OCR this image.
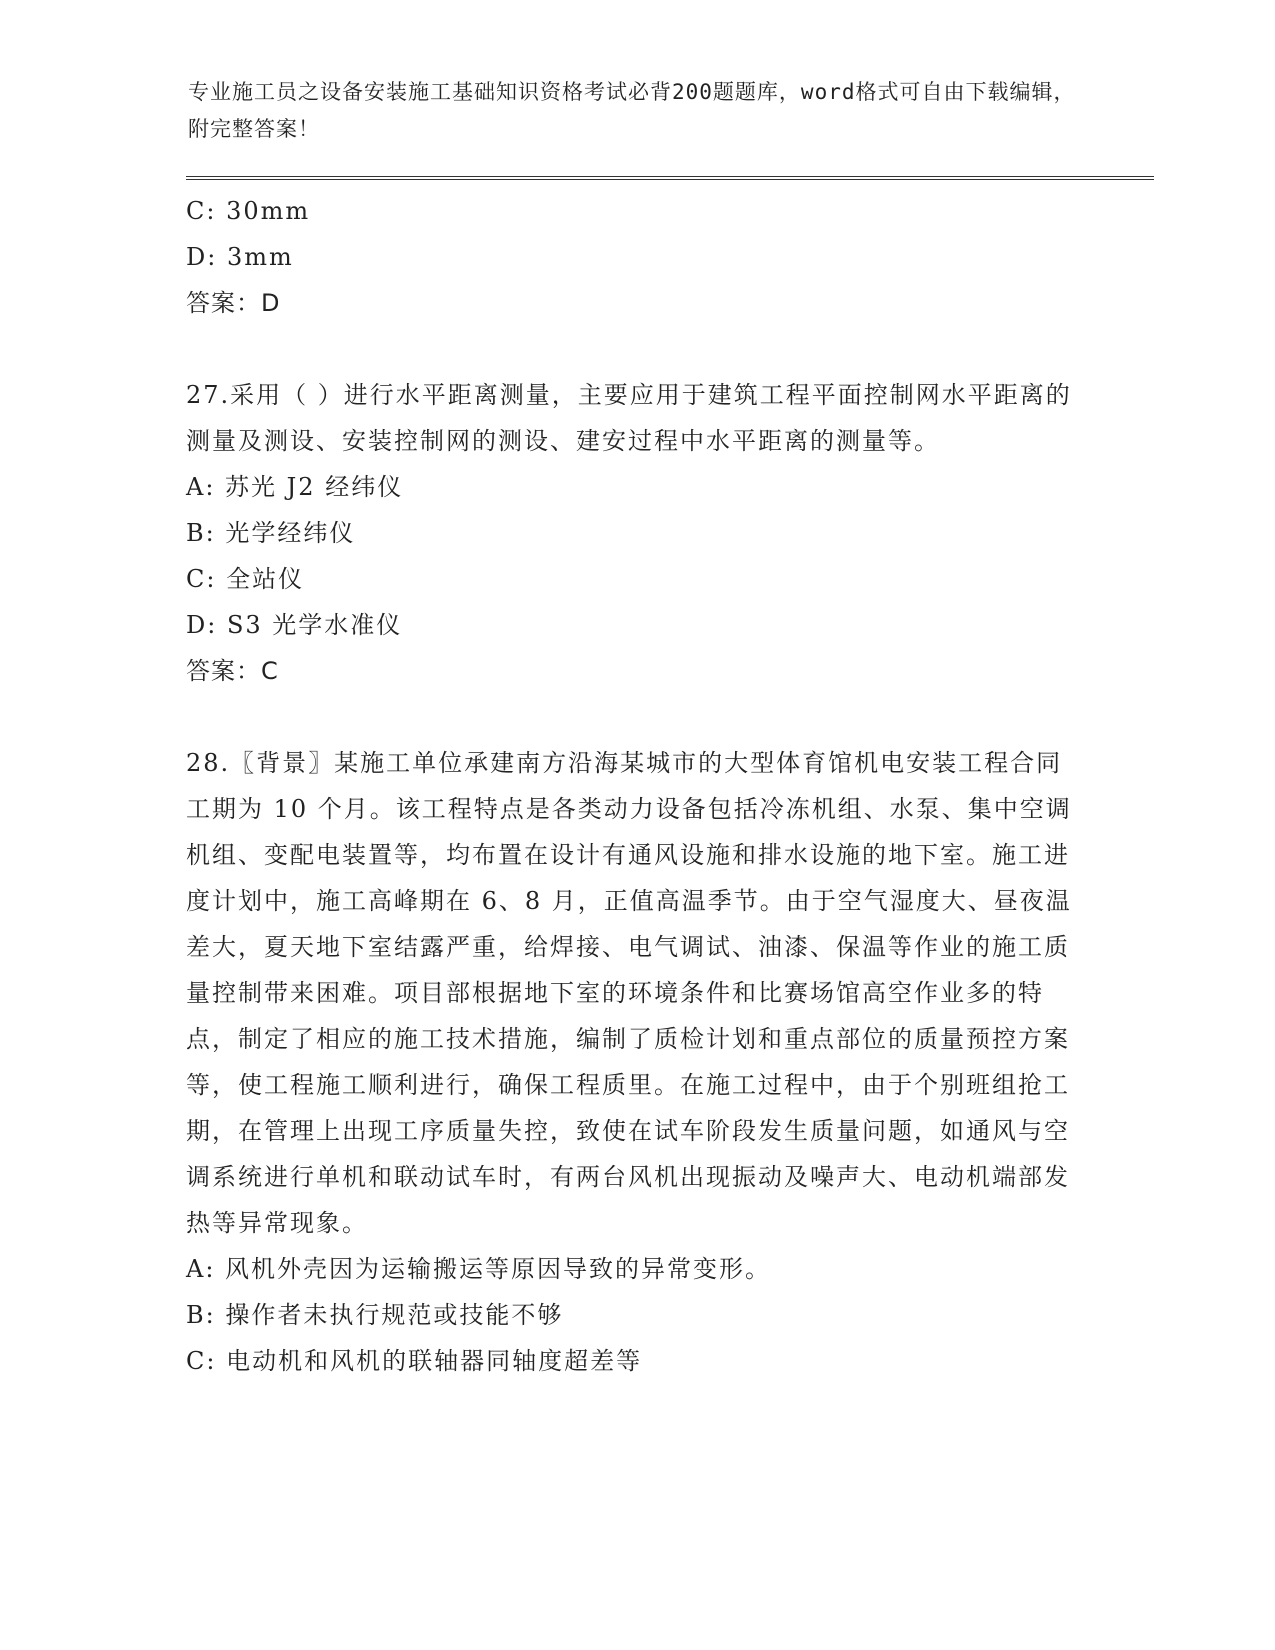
专业施工员之设备安装施工基础知识资格考试必背200题题库，word格式可自由下载编辑，附完整答案！
C: 30mm
D: 3mm
答案：D
27.采用（ ）进行水平距离测量，主要应用于建筑工程平面控制网水平距离的测量及测设、安装控制网的测设、建安过程中水平距离的测量等。
A: 苏光 J2 经纬仪
B: 光学经纬仪
C: 全站仪
D: S3 光学水准仪
答案：C
28.〖背景〗某施工单位承建南方沿海某城市的大型体育馆机电安装工程合同工期为 10 个月。该工程特点是各类动力设备包括冷冻机组、水泵、集中空调机组、变配电装置等，均布置在设计有通风设施和排水设施的地下室。施工进度计划中，施工高峰期在 6、8 月，正值高温季节。由于空气湿度大、昼夜温差大，夏天地下室结露严重，给焊接、电气调试、油漆、保温等作业的施工质量控制带来困难。项目部根据地下室的环境条件和比赛场馆高空作业多的特点，制定了相应的施工技术措施，编制了质检计划和重点部位的质量预控方案等，使工程施工顺利进行，确保工程质里。在施工过程中，由于个别班组抢工期，在管理上出现工序质量失控，致使在试车阶段发生质量问题，如通风与空调系统进行单机和联动试车时，有两台风机出现振动及噪声大、电动机端部发热等异常现象。
A: 风机外壳因为运输搬运等原因导致的异常变形。
B: 操作者未执行规范或技能不够
C: 电动机和风机的联轴器同轴度超差等
